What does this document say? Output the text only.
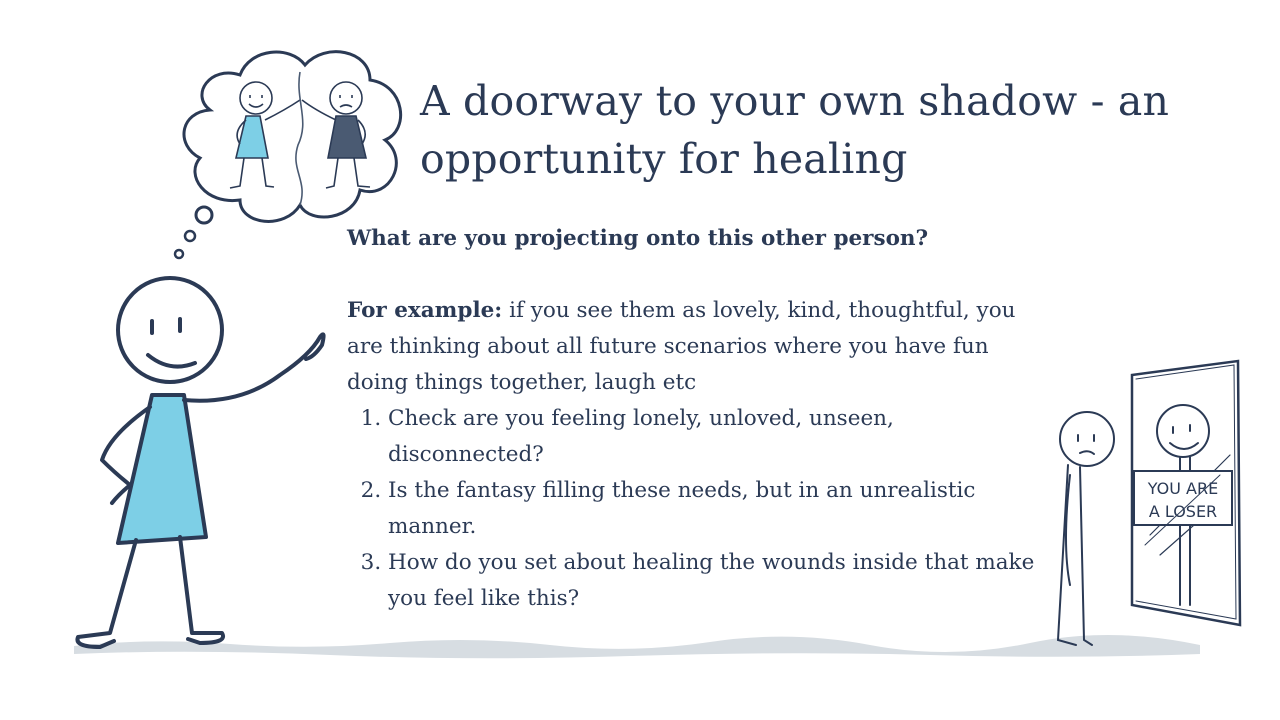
YOU ARE
A LOSER
A doorway to your own shadow - an opportunity for healing

What are you projecting onto this other person?

For example: if you see them as lovely, kind, thoughtful, you are thinking about all future scenarios where you have fun doing things together, laugh etc

1. Check are you feeling lonely, unloved, unseen, disconnected?
2. Is the fantasy filling these needs, but in an unrealistic manner.
3. How do you set about healing the wounds inside that make you feel like this?
